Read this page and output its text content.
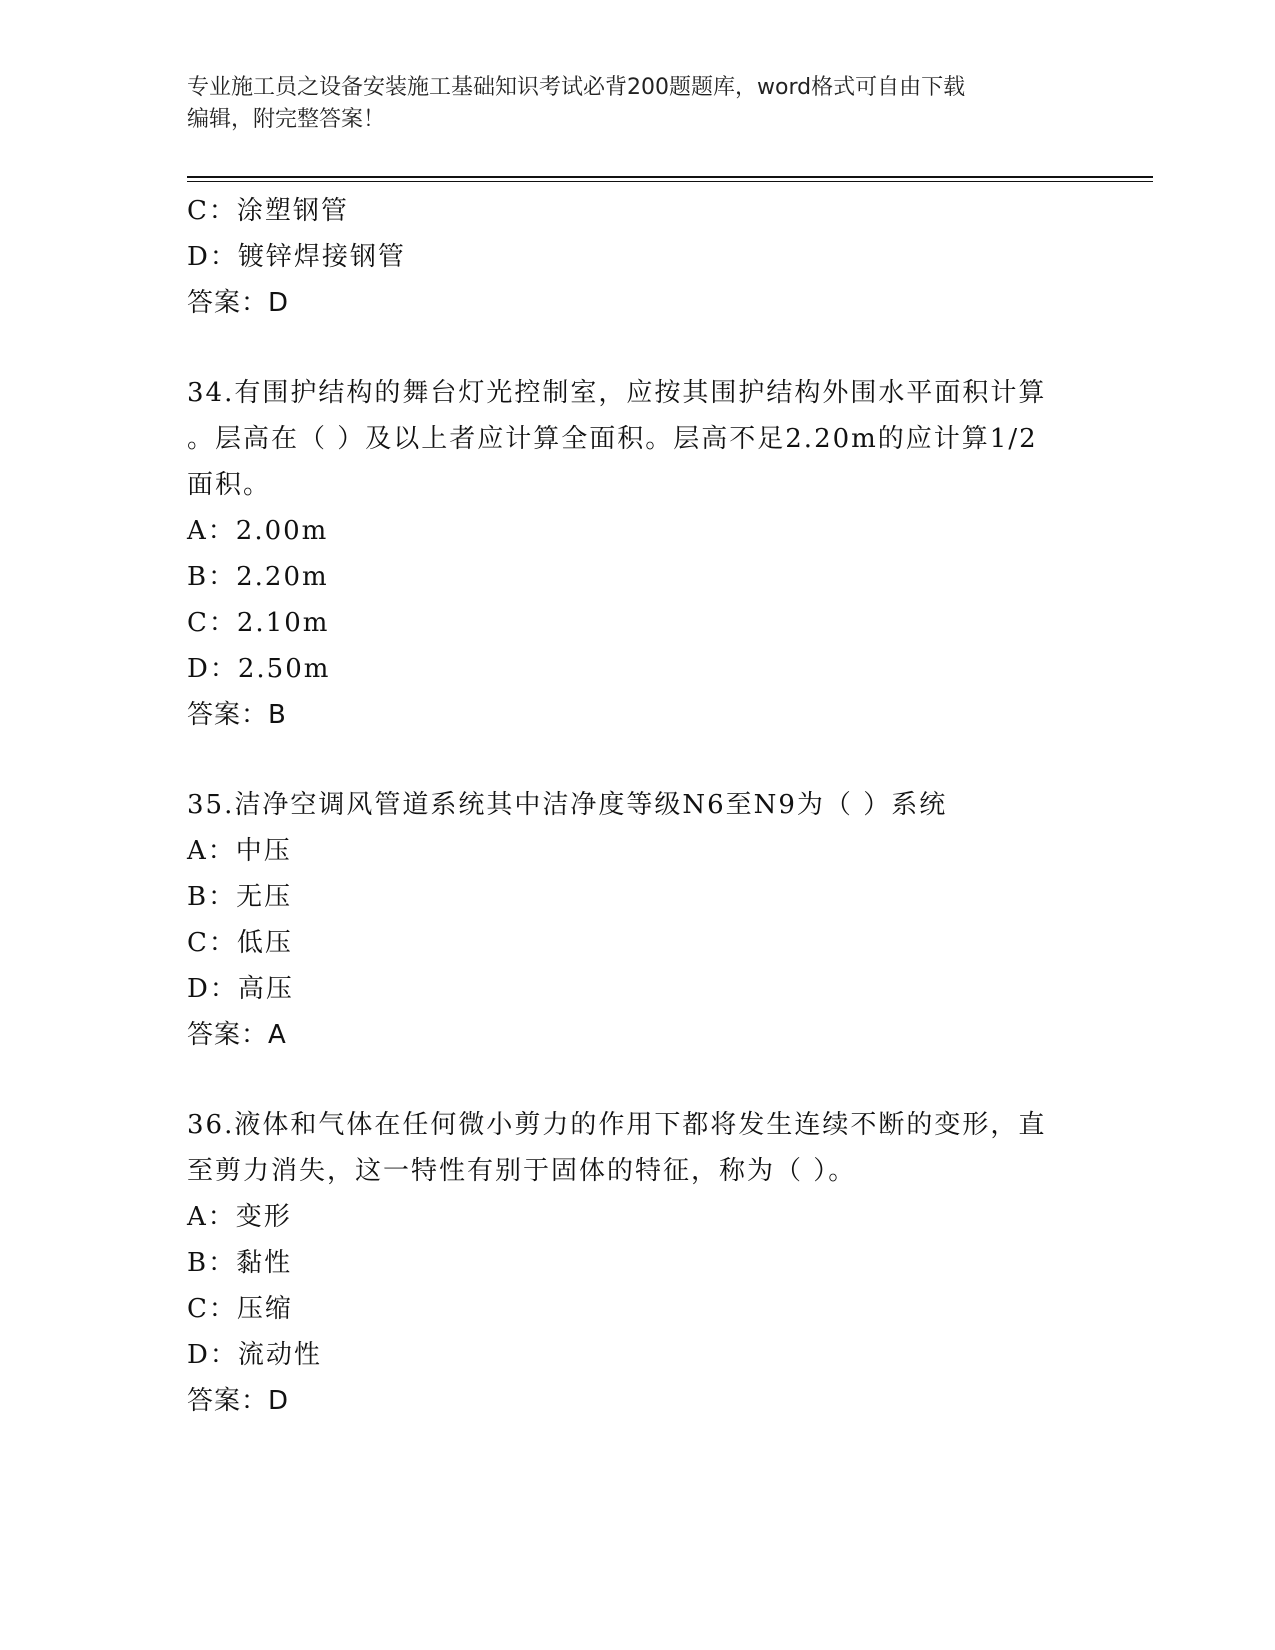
专业施工员之设备安装施工基础知识考试必背200题题库，word格式可自由下载
编辑，附完整答案！
C：涂塑钢管
D：镀锌焊接钢管
答案：D
34.有围护结构的舞台灯光控制室，应按其围护结构外围水平面积计算
。层高在（ ）及以上者应计算全面积。层高不足2.20m的应计算1/2
面积。
A：2.00m
B：2.20m
C：2.10m
D：2.50m
答案：B
35.洁净空调风管道系统其中洁净度等级N6至N9为（ ）系统
A：中压
B：无压
C：低压
D：高压
答案：A
36.液体和气体在任何微小剪力的作用下都将发生连续不断的变形，直
至剪力消失，这一特性有别于固体的特征，称为（ ）。
A：变形
B：黏性
C：压缩
D：流动性
答案：D
